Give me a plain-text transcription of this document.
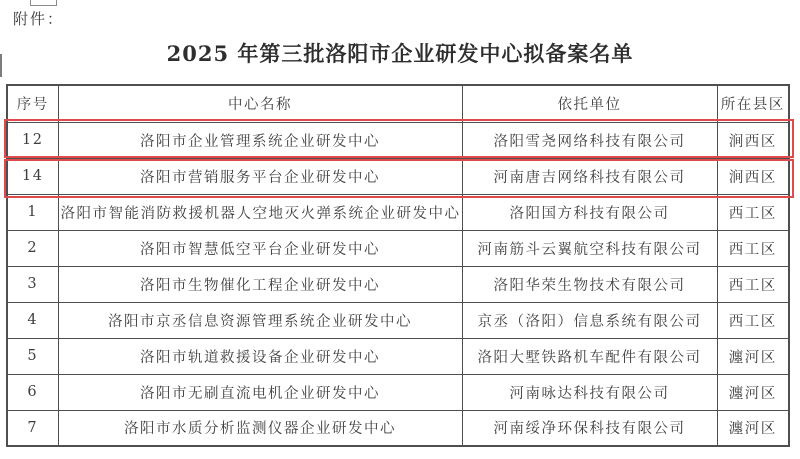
附件：
2025 年第三批洛阳市企业研发中心拟备案名单
序号	中心名称	依托单位	所在县区
12	洛阳市企业管理系统企业研发中心	洛阳雪尧网络科技有限公司	涧西区
14	洛阳市营销服务平台企业研发中心	河南唐吉网络科技有限公司	涧西区
1	洛阳市智能消防救援机器人空地灭火弹系统企业研发中心	洛阳国方科技有限公司	西工区
2	洛阳市智慧低空平台企业研发中心	河南筋斗云翼航空科技有限公司	西工区
3	洛阳市生物催化工程企业研发中心	洛阳华荣生物技术有限公司	西工区
4	洛阳市京丞信息资源管理系统企业研发中心	京丞（洛阳）信息系统有限公司	西工区
5	洛阳市轨道救援设备企业研发中心	洛阳大墅铁路机车配件有限公司	瀍河区
6	洛阳市无刷直流电机企业研发中心	河南咏达科技有限公司	瀍河区
7	洛阳市水质分析监测仪器企业研发中心	河南绥净环保科技有限公司	瀍河区
